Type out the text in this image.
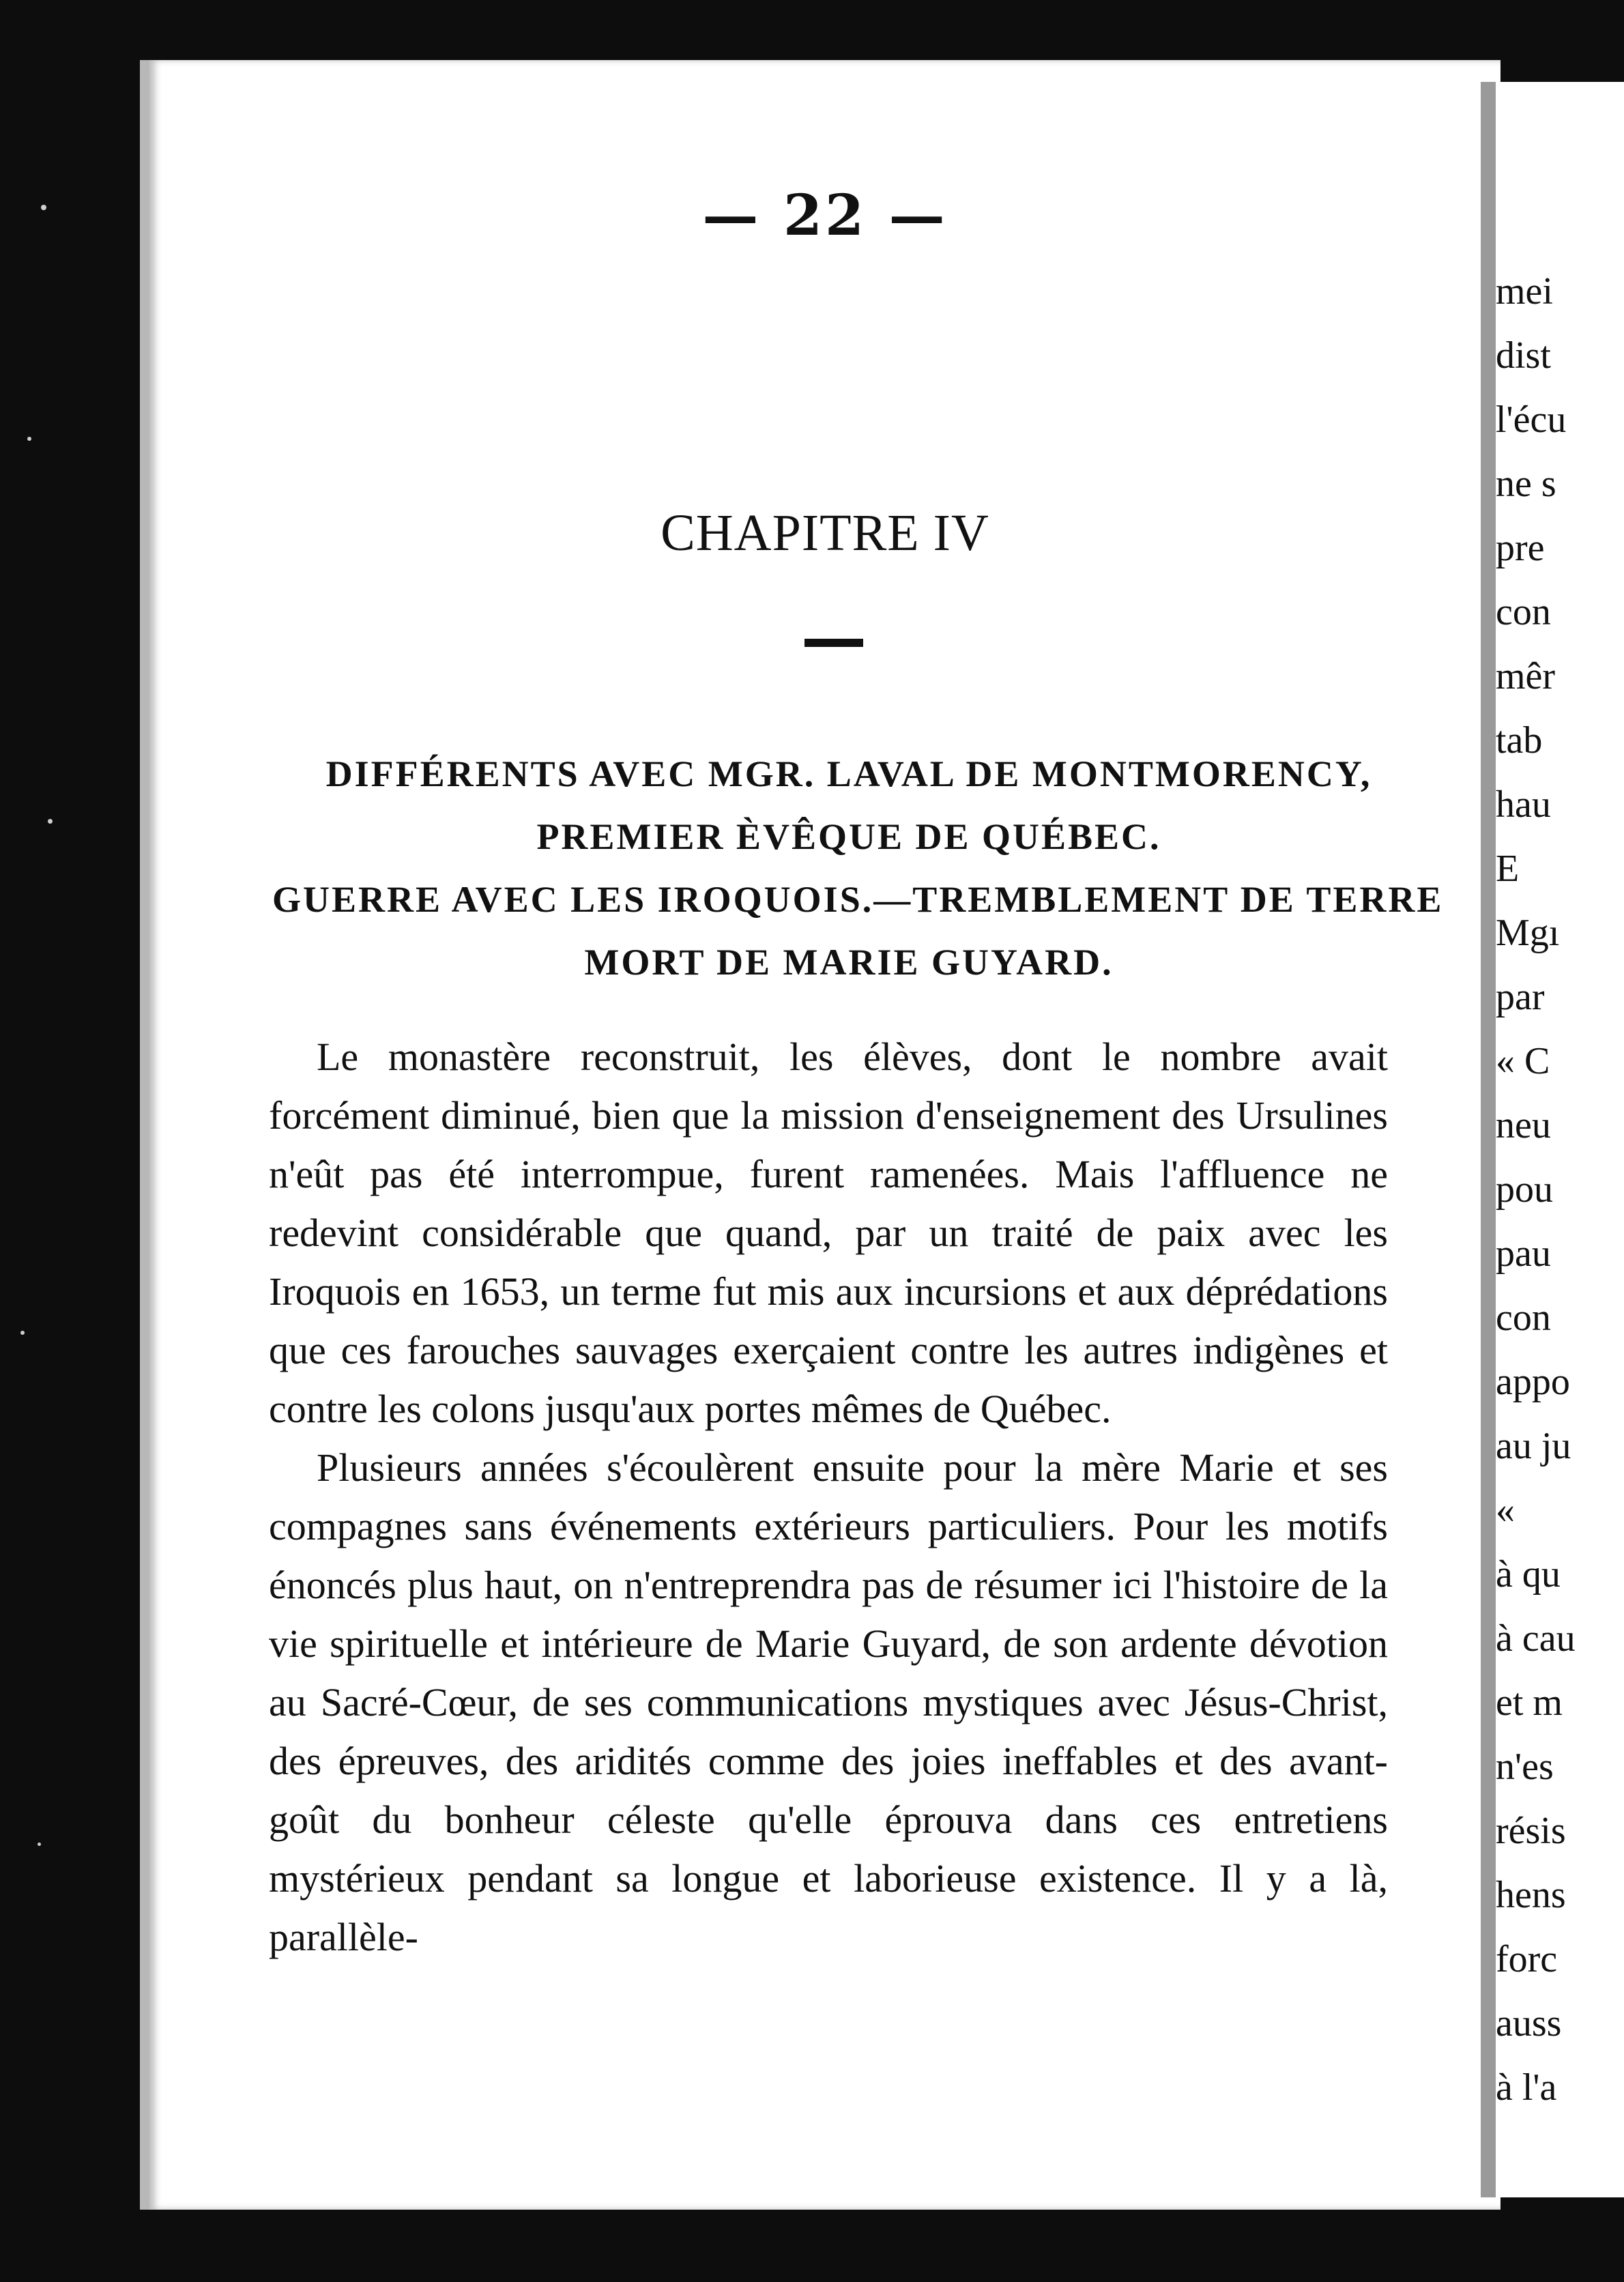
— 22 —
CHAPITRE IV
DIFFÉRENTS AVEC MGR. LAVAL DE MONTMORENCY,
PREMIER ÈVÊQUE DE QUÉBEC.
GUERRE AVEC LES IROQUOIS.—TREMBLEMENT DE TERRE
MORT DE MARIE GUYARD.

Le monastère reconstruit, les élèves, dont le nombre avait forcément diminué, bien que la mission d'enseignement des Ursulines n'eût pas été interrompue, furent ramenées. Mais l'affluence ne redevint considérable que quand, par un traité de paix avec les Iroquois en 1653, un terme fut mis aux incursions et aux déprédations que ces farouches sauvages exerçaient contre les autres indigènes et contre les colons jusqu'aux portes mêmes de Québec.

Plusieurs années s'écoulèrent ensuite pour la mère Marie et ses compagnes sans événements extérieurs particuliers. Pour les motifs énoncés plus haut, on n'entreprendra pas de résumer ici l'histoire de la vie spirituelle et intérieure de Marie Guyard, de son ardente dévotion au Sacré-Cœur, de ses communications mystiques avec Jésus-Christ, des épreuves, des aridités comme des joies ineffables et des avant-goût du bonheur céleste qu'elle éprouva dans ces entretiens mystérieux pendant sa longue et laborieuse existence. Il y a là, parallèle-

mei
dist
l'écu
ne s
pre
con
mêr
tab
hau
E
Mgı
par
« C
neu
pou
pau
con
appo
au ju
«
à qu
à cau
et m
n'es
résis
hens
forc
auss
à l'a
